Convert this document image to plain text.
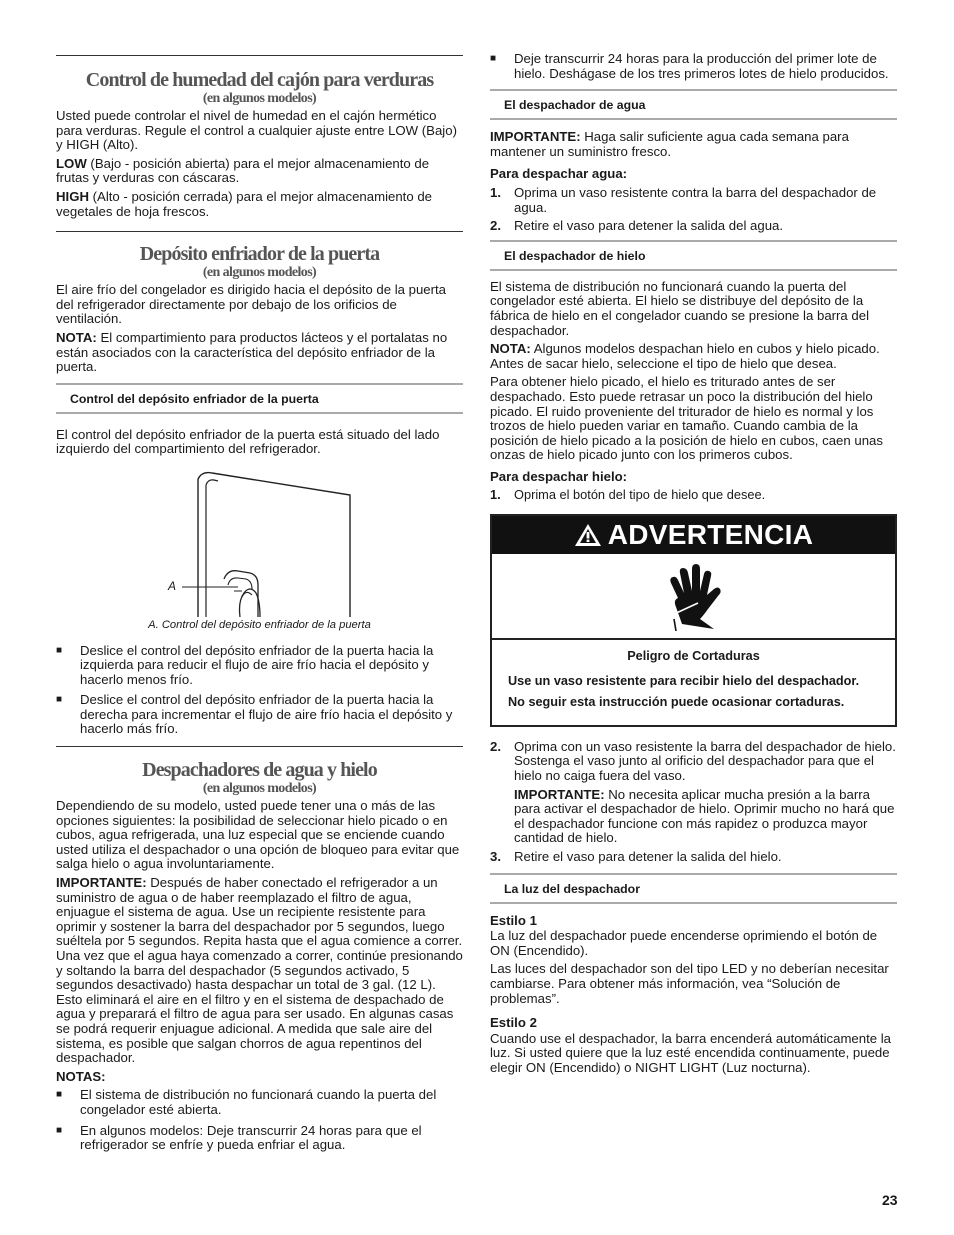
Control de humedad del cajón para verduras
(en algunos modelos)

Usted puede controlar el nivel de humedad en el cajón hermético para verduras. Regule el control a cualquier ajuste entre LOW (Bajo) y HIGH (Alto).

LOW (Bajo - posición abierta) para el mejor almacenamiento de frutas y verduras con cáscaras.

HIGH (Alto - posición cerrada) para el mejor almacenamiento de vegetales de hoja frescos.

Depósito enfriador de la puerta
(en algunos modelos)

El aire frío del congelador es dirigido hacia el depósito de la puerta del refrigerador directamente por debajo de los orificios de ventilación.

NOTA: El compartimiento para productos lácteos y el portalatas no están asociados con la característica del depósito enfriador de la puerta.

Control del depósito enfriador de la puerta

El control del depósito enfriador de la puerta está situado del lado izquierdo del compartimiento del refrigerador.

A
A. Control del depósito enfriador de la puerta
■ Deslice el control del depósito enfriador de la puerta hacia la izquierda para reducir el flujo de aire frío hacia el depósito y hacerlo menos frío.
■ Deslice el control del depósito enfriador de la puerta hacia la derecha para incrementar el flujo de aire frío hacia el depósito y hacerlo más frío.
Despachadores de agua y hielo
(en algunos modelos)

Dependiendo de su modelo, usted puede tener una o más de las opciones siguientes: la posibilidad de seleccionar hielo picado o en cubos, agua refrigerada, una luz especial que se enciende cuando usted utiliza el despachador o una opción de bloqueo para evitar que salga hielo o agua involuntariamente.

IMPORTANTE: Después de haber conectado el refrigerador a un suministro de agua o de haber reemplazado el filtro de agua, enjuague el sistema de agua. Use un recipiente resistente para oprimir y sostener la barra del despachador por 5 segundos, luego suéltela por 5 segundos. Repita hasta que el agua comience a correr. Una vez que el agua haya comenzado a correr, continúe presionando y soltando la barra del despachador (5 segundos activado, 5 segundos desactivado) hasta despachar un total de 3 gal. (12 L). Esto eliminará el aire en el filtro y en el sistema de despachado de agua y preparará el filtro de agua para ser usado. En algunas casas se podrá requerir enjuague adicional. A medida que sale aire del sistema, es posible que salgan chorros de agua repentinos del despachador.

NOTAS:

■ El sistema de distribución no funcionará cuando la puerta del congelador esté abierta.
■ En algunos modelos: Deje transcurrir 24 horas para que el refrigerador se enfríe y pueda enfriar el agua.
■ Deje transcurrir 24 horas para la producción del primer lote de hielo. Deshágase de los tres primeros lotes de hielo producidos.
El despachador de agua

IMPORTANTE: Haga salir suficiente agua cada semana para mantener un suministro fresco.

Para despachar agua:

1. Oprima un vaso resistente contra la barra del despachador de agua.
2. Retire el vaso para detener la salida del agua.
El despachador de hielo

El sistema de distribución no funcionará cuando la puerta del congelador esté abierta. El hielo se distribuye del depósito de la fábrica de hielo en el congelador cuando se presione la barra del despachador.

NOTA: Algunos modelos despachan hielo en cubos y hielo picado. Antes de sacar hielo, seleccione el tipo de hielo que desea.

Para obtener hielo picado, el hielo es triturado antes de ser despachado. Esto puede retrasar un poco la distribución del hielo picado. El ruido proveniente del triturador de hielo es normal y los trozos de hielo pueden variar en tamaño. Cuando cambia de la posición de hielo picado a la posición de hielo en cubos, caen unas onzas de hielo picado junto con los primeros cubos.

Para despachar hielo:

1. Oprima el botón del tipo de hielo que desee.
ADVERTENCIA

Peligro de Cortaduras

Use un vaso resistente para recibir hielo del despachador.

No seguir esta instrucción puede ocasionar cortaduras.

2. Oprima con un vaso resistente la barra del despachador de hielo. Sostenga el vaso junto al orificio del despachador para que el hielo no caiga fuera del vaso.

IMPORTANTE: No necesita aplicar mucha presión a la barra para activar el despachador de hielo. Oprimir mucho no hará que el despachador funcione con más rapidez o produzca mayor cantidad de hielo.

3. Retire el vaso para detener la salida del hielo.
La luz del despachador

Estilo 1

La luz del despachador puede encenderse oprimiendo el botón de ON (Encendido).

Las luces del despachador son del tipo LED y no deberían necesitar cambiarse. Para obtener más información, vea “Solución de problemas”.

Estilo 2

Cuando use el despachador, la barra encenderá automáticamente la luz. Si usted quiere que la luz esté encendida continuamente, puede elegir ON (Encendido) o NIGHT LIGHT (Luz nocturna).

23
